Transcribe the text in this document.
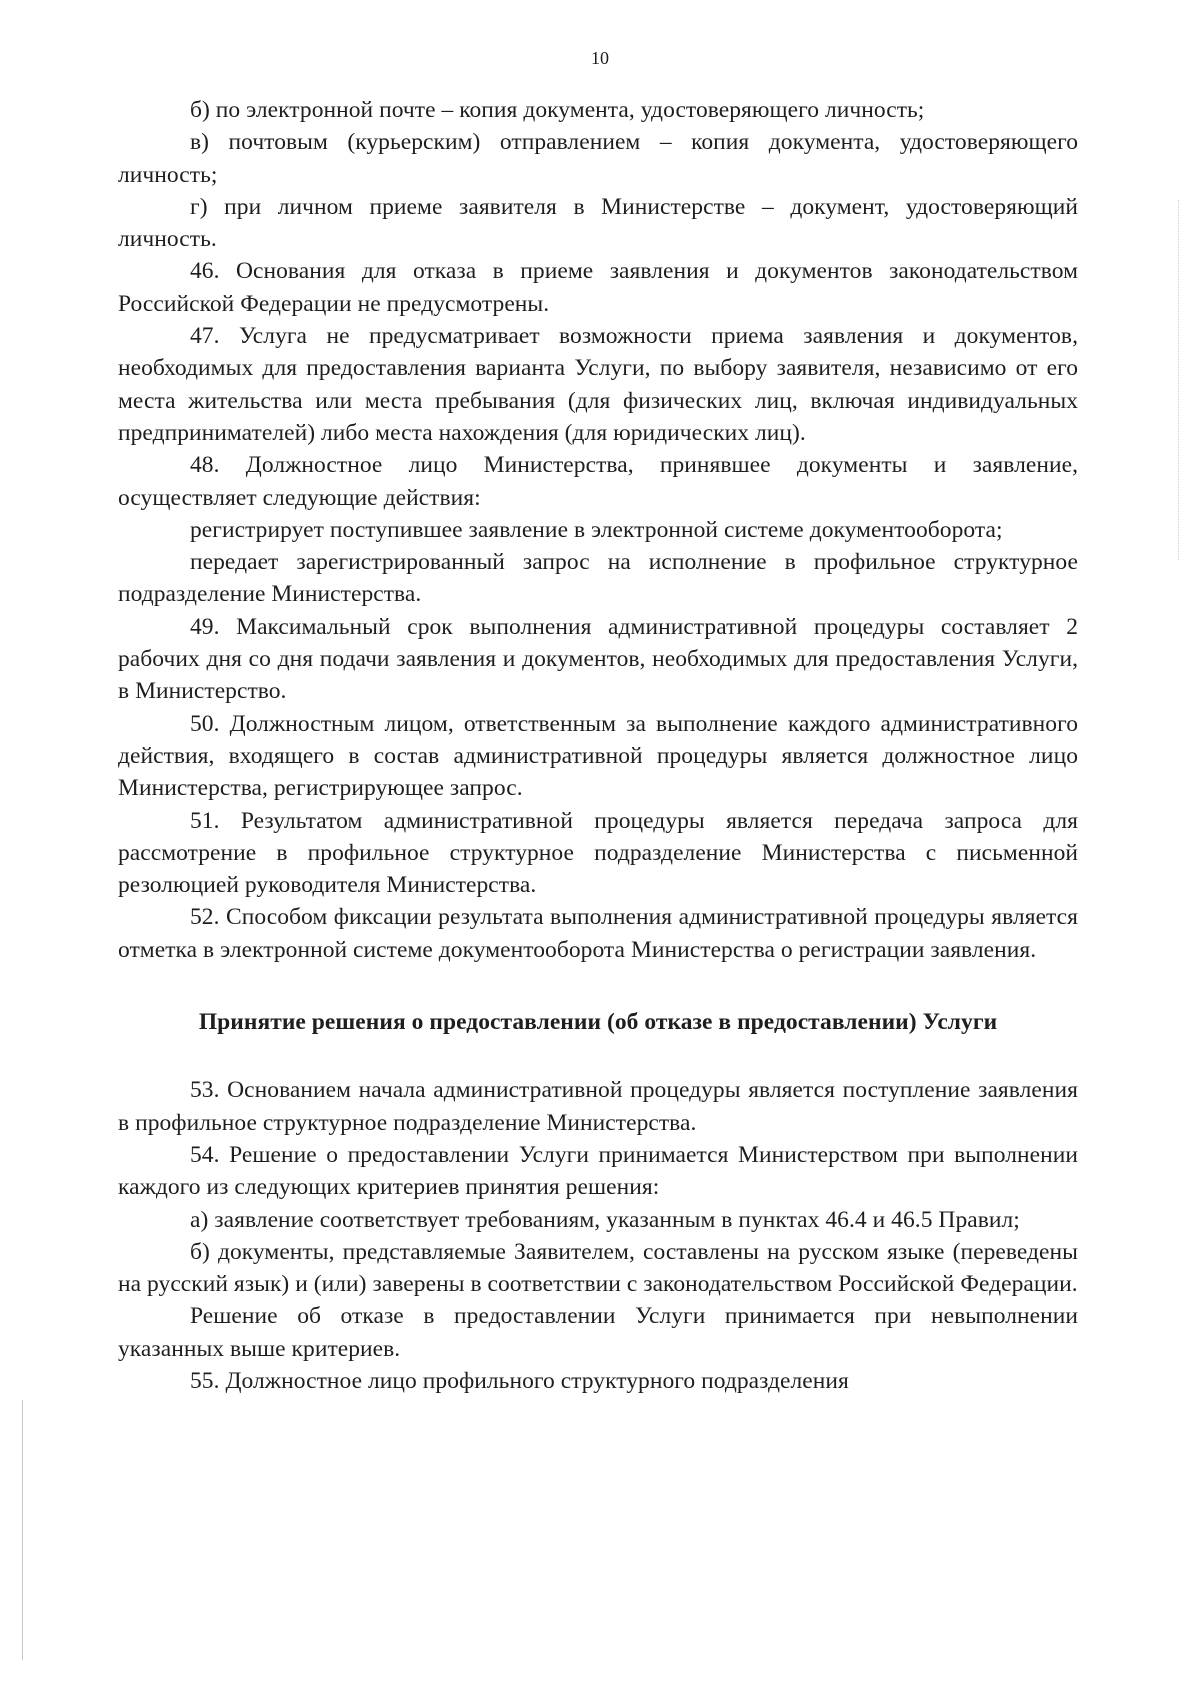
10

б) по электронной почте – копия документа, удостоверяющего личность;

в) почтовым (курьерским) отправлением – копия документа, удостоверяющего личность;

г) при личном приеме заявителя в Министерстве – документ, удостоверяющий личность.

46. Основания для отказа в приеме заявления и документов законодательством Российской Федерации не предусмотрены.

47. Услуга не предусматривает возможности приема заявления и документов, необходимых для предоставления варианта Услуги, по выбору заявителя, независимо от его места жительства или места пребывания (для физических лиц, включая индивидуальных предпринимателей) либо места нахождения (для юридических лиц).

48. Должностное лицо Министерства, принявшее документы и заявление, осуществляет следующие действия:

регистрирует поступившее заявление в электронной системе документооборота;

передает зарегистрированный запрос на исполнение в профильное структурное подразделение Министерства.

49. Максимальный срок выполнения административной процедуры составляет 2 рабочих дня со дня подачи заявления и документов, необходимых для предоставления Услуги, в Министерство.

50. Должностным лицом, ответственным за выполнение каждого административного действия, входящего в состав административной процедуры является должностное лицо Министерства, регистрирующее запрос.

51. Результатом административной процедуры является передача запроса для рассмотрение в профильное структурное подразделение Министерства с письменной резолюцией руководителя Министерства.

52. Способом фиксации результата выполнения административной процедуры является отметка в электронной системе документооборота Министерства о регистрации заявления.

Принятие решения о предоставлении (об отказе в предоставлении) Услуги

53. Основанием начала административной процедуры является поступление заявления в профильное структурное подразделение Министерства.

54. Решение о предоставлении Услуги принимается Министерством при выполнении каждого из следующих критериев принятия решения:

а) заявление соответствует требованиям, указанным в пунктах 46.4 и 46.5 Правил;

б) документы, представляемые Заявителем, составлены на русском языке (переведены на русский язык) и (или) заверены в соответствии с законодательством Российской Федерации.

Решение об отказе в предоставлении Услуги принимается при невыполнении указанных выше критериев.

55. Должностное лицо профильного структурного подразделения
